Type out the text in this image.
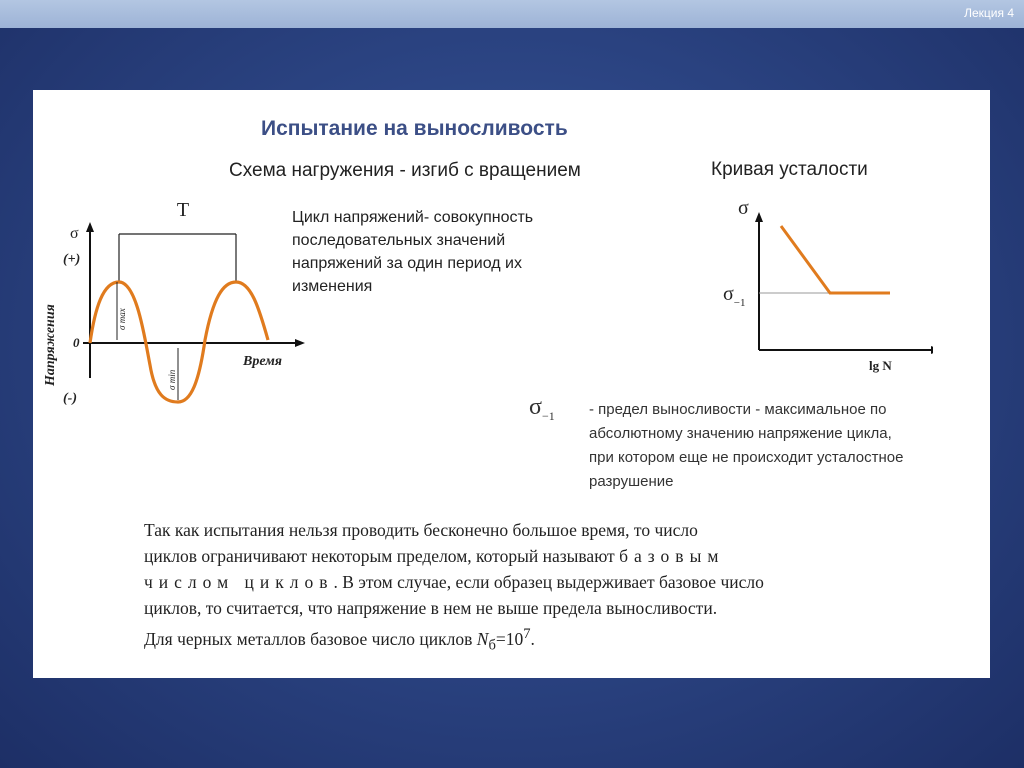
Лекция 4
Испытание на выносливость
Схема нагружения - изгиб с вращением	Кривая усталости
T
σ max
σ min
σ
(+)
0
(-)
Напряжения	Время
Цикл напряжений- совокупность
последовательных значений
напряжений за один период их
изменения
σ
$\sigma_{-1}$
lg N
$\sigma_{-1}$ - предел выносливости - максимальное по
абсолютному значению напряжение цикла,
при котором еще не происходит усталостное
разрушение

Так как испытания нельзя проводить бесконечно большое время, то число

циклов ограничивают некоторым пределом, который называют базовым

числом циклов. В этом случае, если образец выдерживает базовое число

циклов, то считается, что напряжение в нем не выше предела выносливости.

Для черных металлов базовое число циклов $N_б=10^7$.
